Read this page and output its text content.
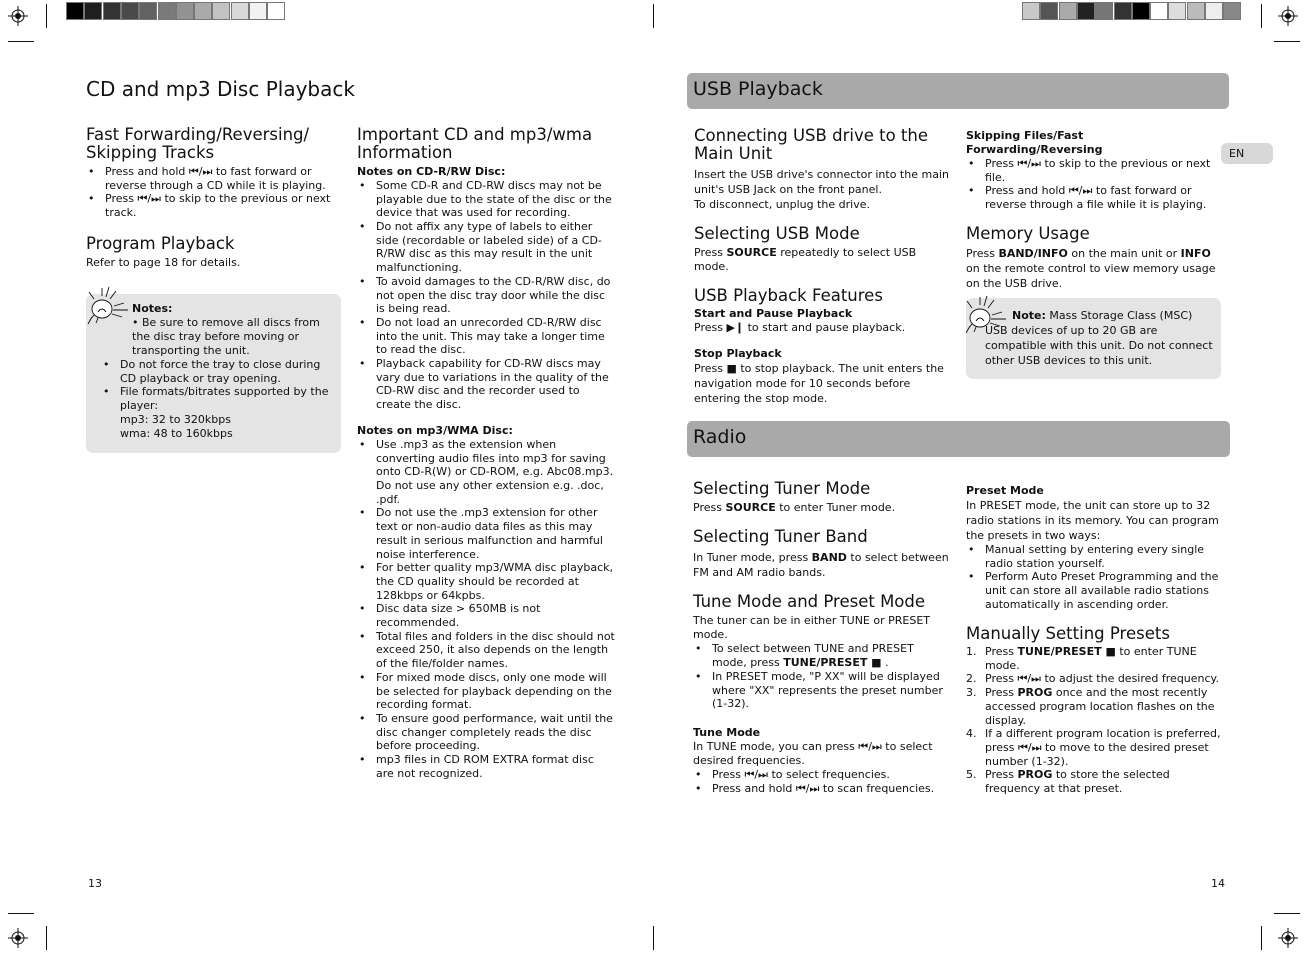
CD and mp3 Disc Playback
Fast Forwarding/Reversing/ Skipping Tracks
• Press and hold ⏮/⏭ to fast forward or reverse through a CD while it is playing.
• Press ⏮/⏭ to skip to the previous or next track.
Program Playback

Refer to page 18 for details.

Notes:

• Be sure to remove all discs from the disc tray before moving or transporting the unit.

• Do not force the tray to close during CD playback or tray opening.
• File formats/bitrates supported by the player:
mp3: 32 to 320kbps
wma: 48 to 160kbps
Important CD and mp3/wma Information

Notes on CD-R/RW Disc:

• Some CD-R and CD-RW discs may not be playable due to the state of the disc or the device that was used for recording.
• Do not affix any type of labels to either side (recordable or labeled side) of a CD-R/RW disc as this may result in the unit malfunctioning.
• To avoid damages to the CD-R/RW disc, do not open the disc tray door while the disc is being read.
• Do not load an unrecorded CD-R/RW disc into the unit. This may take a longer time to read the disc.
• Playback capability for CD-RW discs may vary due to variations in the quality of the CD-RW disc and the recorder used to create the disc.

Notes on mp3/WMA Disc:

• Use .mp3 as the extension when converting audio files into mp3 for saving onto CD-R(W) or CD-ROM, e.g. Abc08.mp3. Do not use any other extension e.g. .doc, .pdf.
• Do not use the .mp3 extension for other text or non-audio data files as this may result in serious malfunction and harmful noise interference.
• For better quality mp3/WMA disc playback, the CD quality should be recorded at 128kbps or 64kpbs.
• Disc data size > 650MB is not recommended.
• Total files and folders in the disc should not exceed 250, it also depends on the length of the file/folder names.
• For mixed mode discs, only one mode will be selected for playback depending on the recording format.
• To ensure good performance, wait until the disc changer completely reads the disc before proceeding.
• mp3 files in CD ROM EXTRA format disc are not recognized.
13
USB Playback
Connecting USB drive to the Main Unit

Insert the USB drive's connector into the main unit's USB Jack on the front panel.

To disconnect, unplug the drive.

Selecting USB Mode

Press SOURCE repeatedly to select USB mode.

USB Playback Features

Start and Pause Playback

Press ▶❙ to start and pause playback.

Stop Playback

Press ■ to stop playback. The unit enters the navigation mode for 10 seconds before entering the stop mode.

Skipping Files/Fast Forwarding/Reversing

• Press ⏮/⏭ to skip to the previous or next file.
• Press and hold ⏮/⏭ to fast forward or reverse through a file while it is playing.
Memory Usage

Press BAND/INFO on the main unit or INFO on the remote control to view memory usage on the USB drive.

Note: Mass Storage Class (MSC) USB devices of up to 20 GB are compatible with this unit. Do not connect other USB devices to this unit.

EN
Radio
Selecting Tuner Mode

Press SOURCE to enter Tuner mode.

Selecting Tuner Band

In Tuner mode, press BAND to select between FM and AM radio bands.

Tune Mode and Preset Mode

The tuner can be in either TUNE or PRESET mode.

• To select between TUNE and PRESET mode, press TUNE/PRESET ■ .
• In PRESET mode, "P XX" will be displayed where "XX" represents the preset number (1-32).

Tune Mode

In TUNE mode, you can press ⏮/⏭ to select desired frequencies.

• Press ⏮/⏭ to select frequencies.
• Press and hold ⏮/⏭ to scan frequencies.

Preset Mode

In PRESET mode, the unit can store up to 32 radio stations in its memory. You can program the presets in two ways:

• Manual setting by entering every single radio station yourself.
• Perform Auto Preset Programming and the unit can store all available radio stations automatically in ascending order.
Manually Setting Presets
1. Press TUNE/PRESET ■ to enter TUNE mode.
2. Press ⏮/⏭ to adjust the desired frequency.
3. Press PROG once and the most recently accessed program location flashes on the display.
4. If a different program location is preferred, press ⏮/⏭ to move to the desired preset number (1-32).
5. Press PROG to store the selected frequency at that preset.
14
